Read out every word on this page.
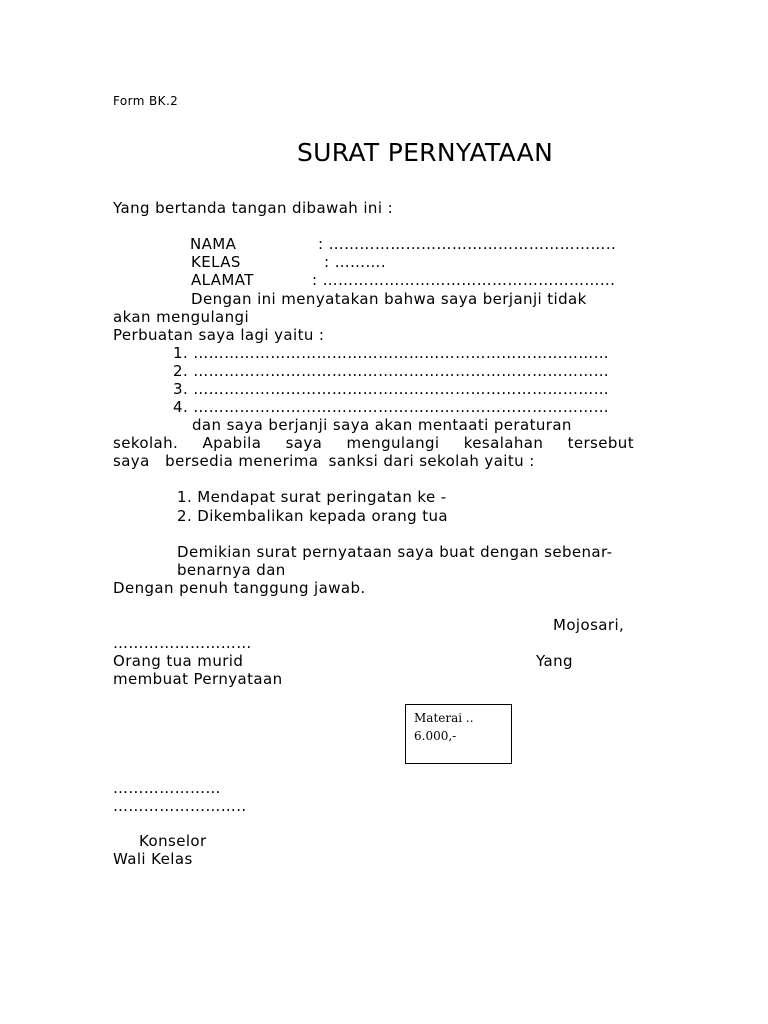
Form BK.2
SURAT PERNYATAAN
Yang bertanda tangan dibawah ini :
NAMA	: ………………………………………………..
KELAS	: ……….
ALAMAT	: ………………………………………………...
Dengan ini menyatakan bahwa saya berjanji tidak
akan mengulangi
Perbuatan saya lagi yaitu :
1. ………………………………………………………………………
2. ………………………………………………………………………
3. ………………………………………………………………………
4. ………………………………………………………………………
dan saya berjanji saya akan mentaati peraturan
sekolah. Apabila saya mengulangi kesalahan tersebut
saya   bersedia menerima  sanksi dari sekolah yaitu :
1. Mendapat surat peringatan ke -
2. Dikembalikan kepada orang tua
Demikian surat pernyataan saya buat dengan sebenar-
benarnya dan
Dengan penuh tanggung jawab.
Mojosari,
………………………
Orang tua murid	Yang
membuat Pernyataan
Materai ..
6.000,-
…………………
……………………..
Konselor
Wali Kelas
